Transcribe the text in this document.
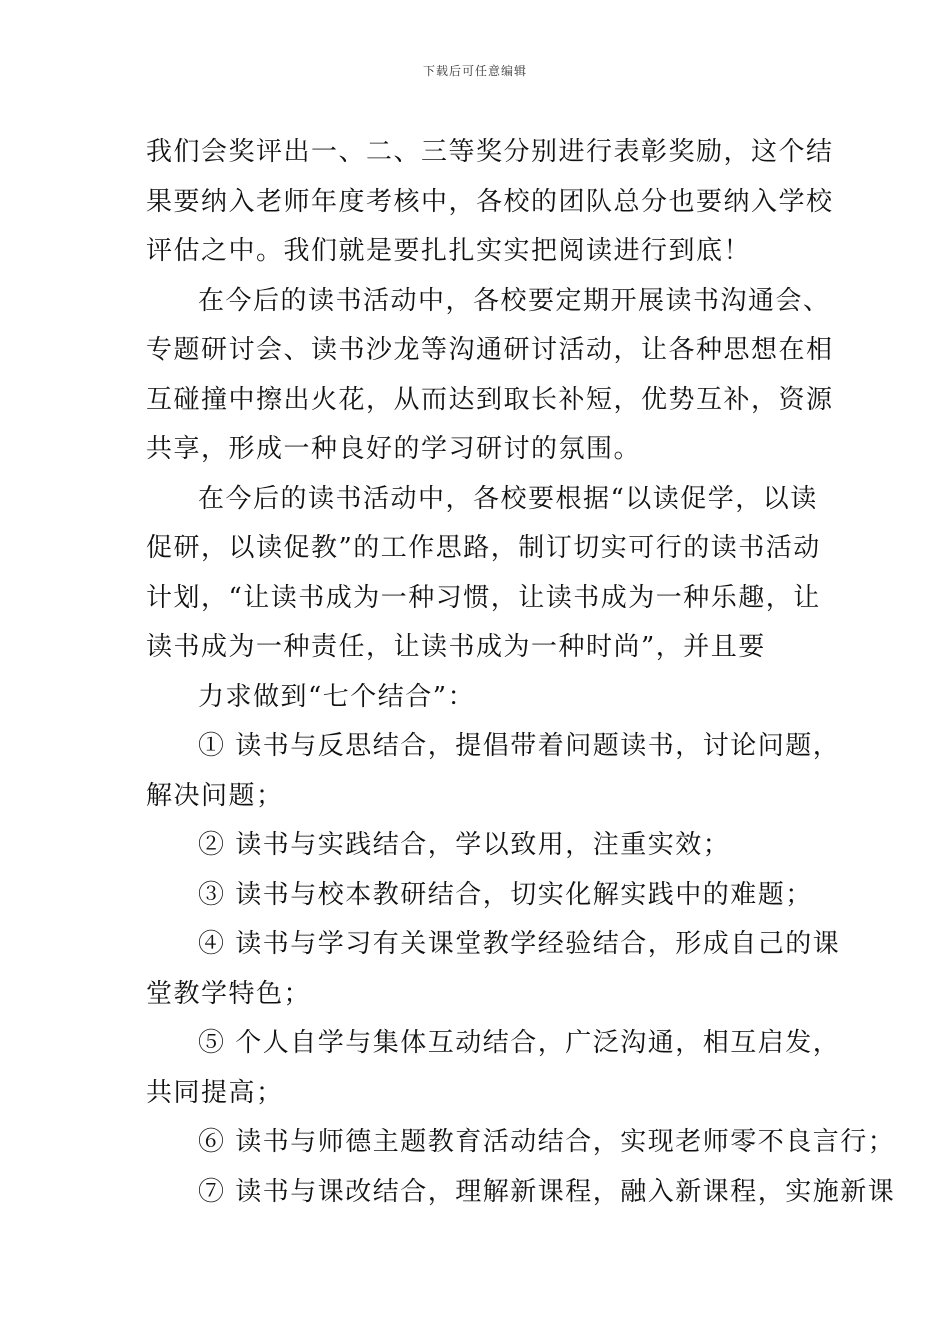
下载后可任意编辑
我们会奖评出一、二、三等奖分别进行表彰奖励，这个结
果要纳入老师年度考核中，各校的团队总分也要纳入学校
评估之中。我们就是要扎扎实实把阅读进行到底！
在今后的读书活动中，各校要定期开展读书沟通会、
专题研讨会、读书沙龙等沟通研讨活动，让各种思想在相
互碰撞中擦出火花，从而达到取长补短，优势互补，资源
共享，形成一种良好的学习研讨的氛围。
在今后的读书活动中，各校要根据“以读促学，以读
促研，以读促教”的工作思路，制订切实可行的读书活动
计划，“让读书成为一种习惯，让读书成为一种乐趣，让
读书成为一种责任，让读书成为一种时尚”，并且要
力求做到“七个结合”：
① 读书与反思结合，提倡带着问题读书，讨论问题，
解决问题；
② 读书与实践结合，学以致用，注重实效；
③ 读书与校本教研结合，切实化解实践中的难题；
④ 读书与学习有关课堂教学经验结合，形成自己的课
堂教学特色；
⑤ 个人自学与集体互动结合，广泛沟通，相互启发，
共同提高；
⑥ 读书与师德主题教育活动结合，实现老师零不良言行；
⑦ 读书与课改结合，理解新课程，融入新课程，实施新课
